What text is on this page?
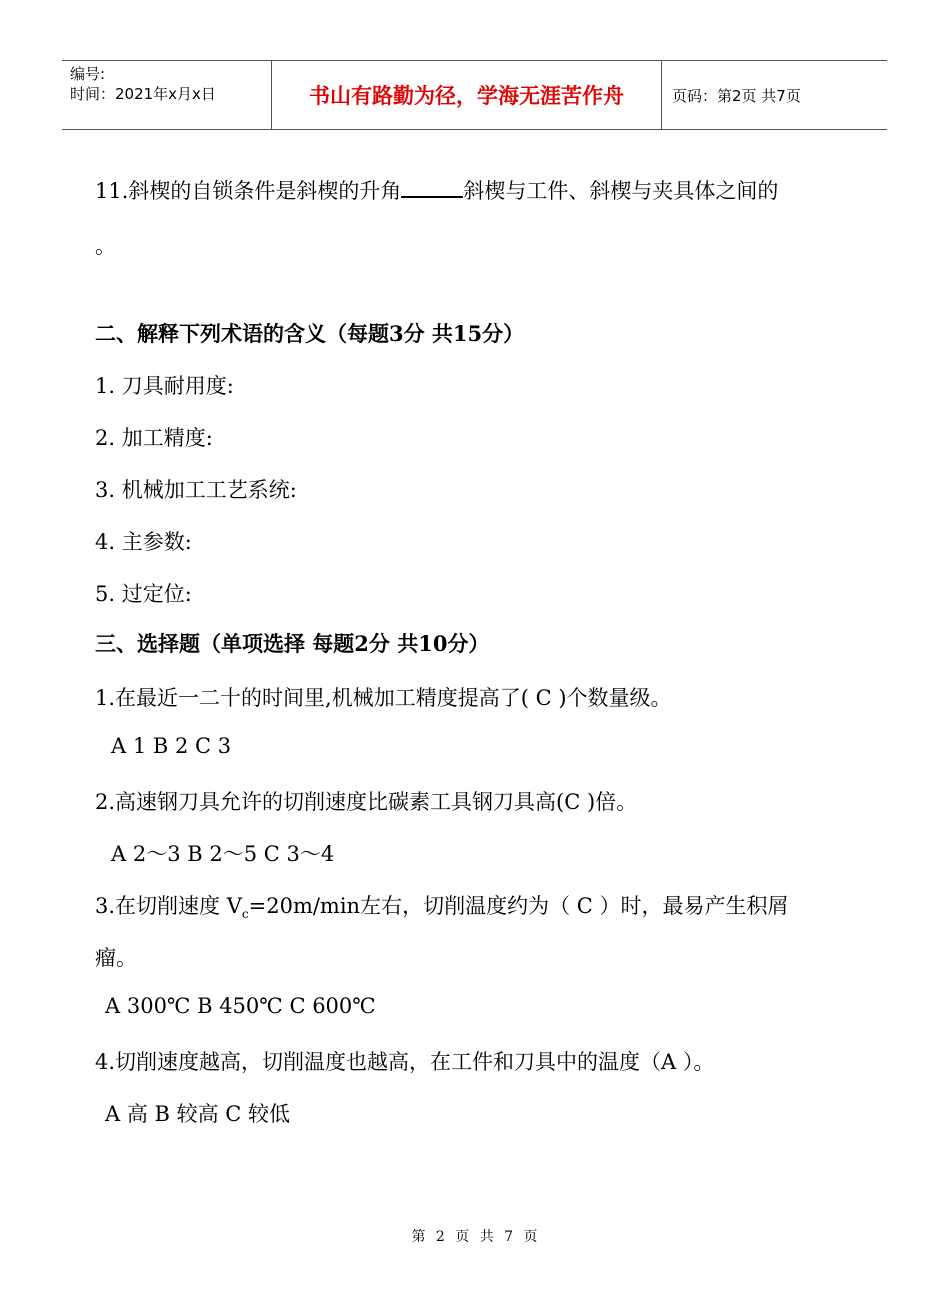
编号:
时间：2021年x月x日	书山有路勤为径，学海无涯苦作舟	页码：第2页 共7页
11.斜楔的自锁条件是斜楔的升角	斜楔与工件、斜楔与夹具体之间的
。
二、解释下列术语的含义（每题3分 共15分）
1. 刀具耐用度:
2. 加工精度:
3. 机械加工工艺系统:
4. 主参数:
5. 过定位:
三、选择题（单项选择 每题2分 共10分）
1.在最近一二十的时间里,机械加工精度提高了( C )个数量级。
A 1 B 2 C 3
2.高速钢刀具允许的切削速度比碳素工具钢刀具高(C )倍。
A 2～3 B 2～5 C 3～4
3.在切削速度 $V_c=20m/\min$左右，切削温度约为（ C ）时，最易产生积屑
瘤。
A 300℃ B 450℃ C 600℃
4.切削速度越高，切削温度也越高，在工件和刀具中的温度（A ）。
A 高 B 较高 C 较低
第 2 页 共 7 页
